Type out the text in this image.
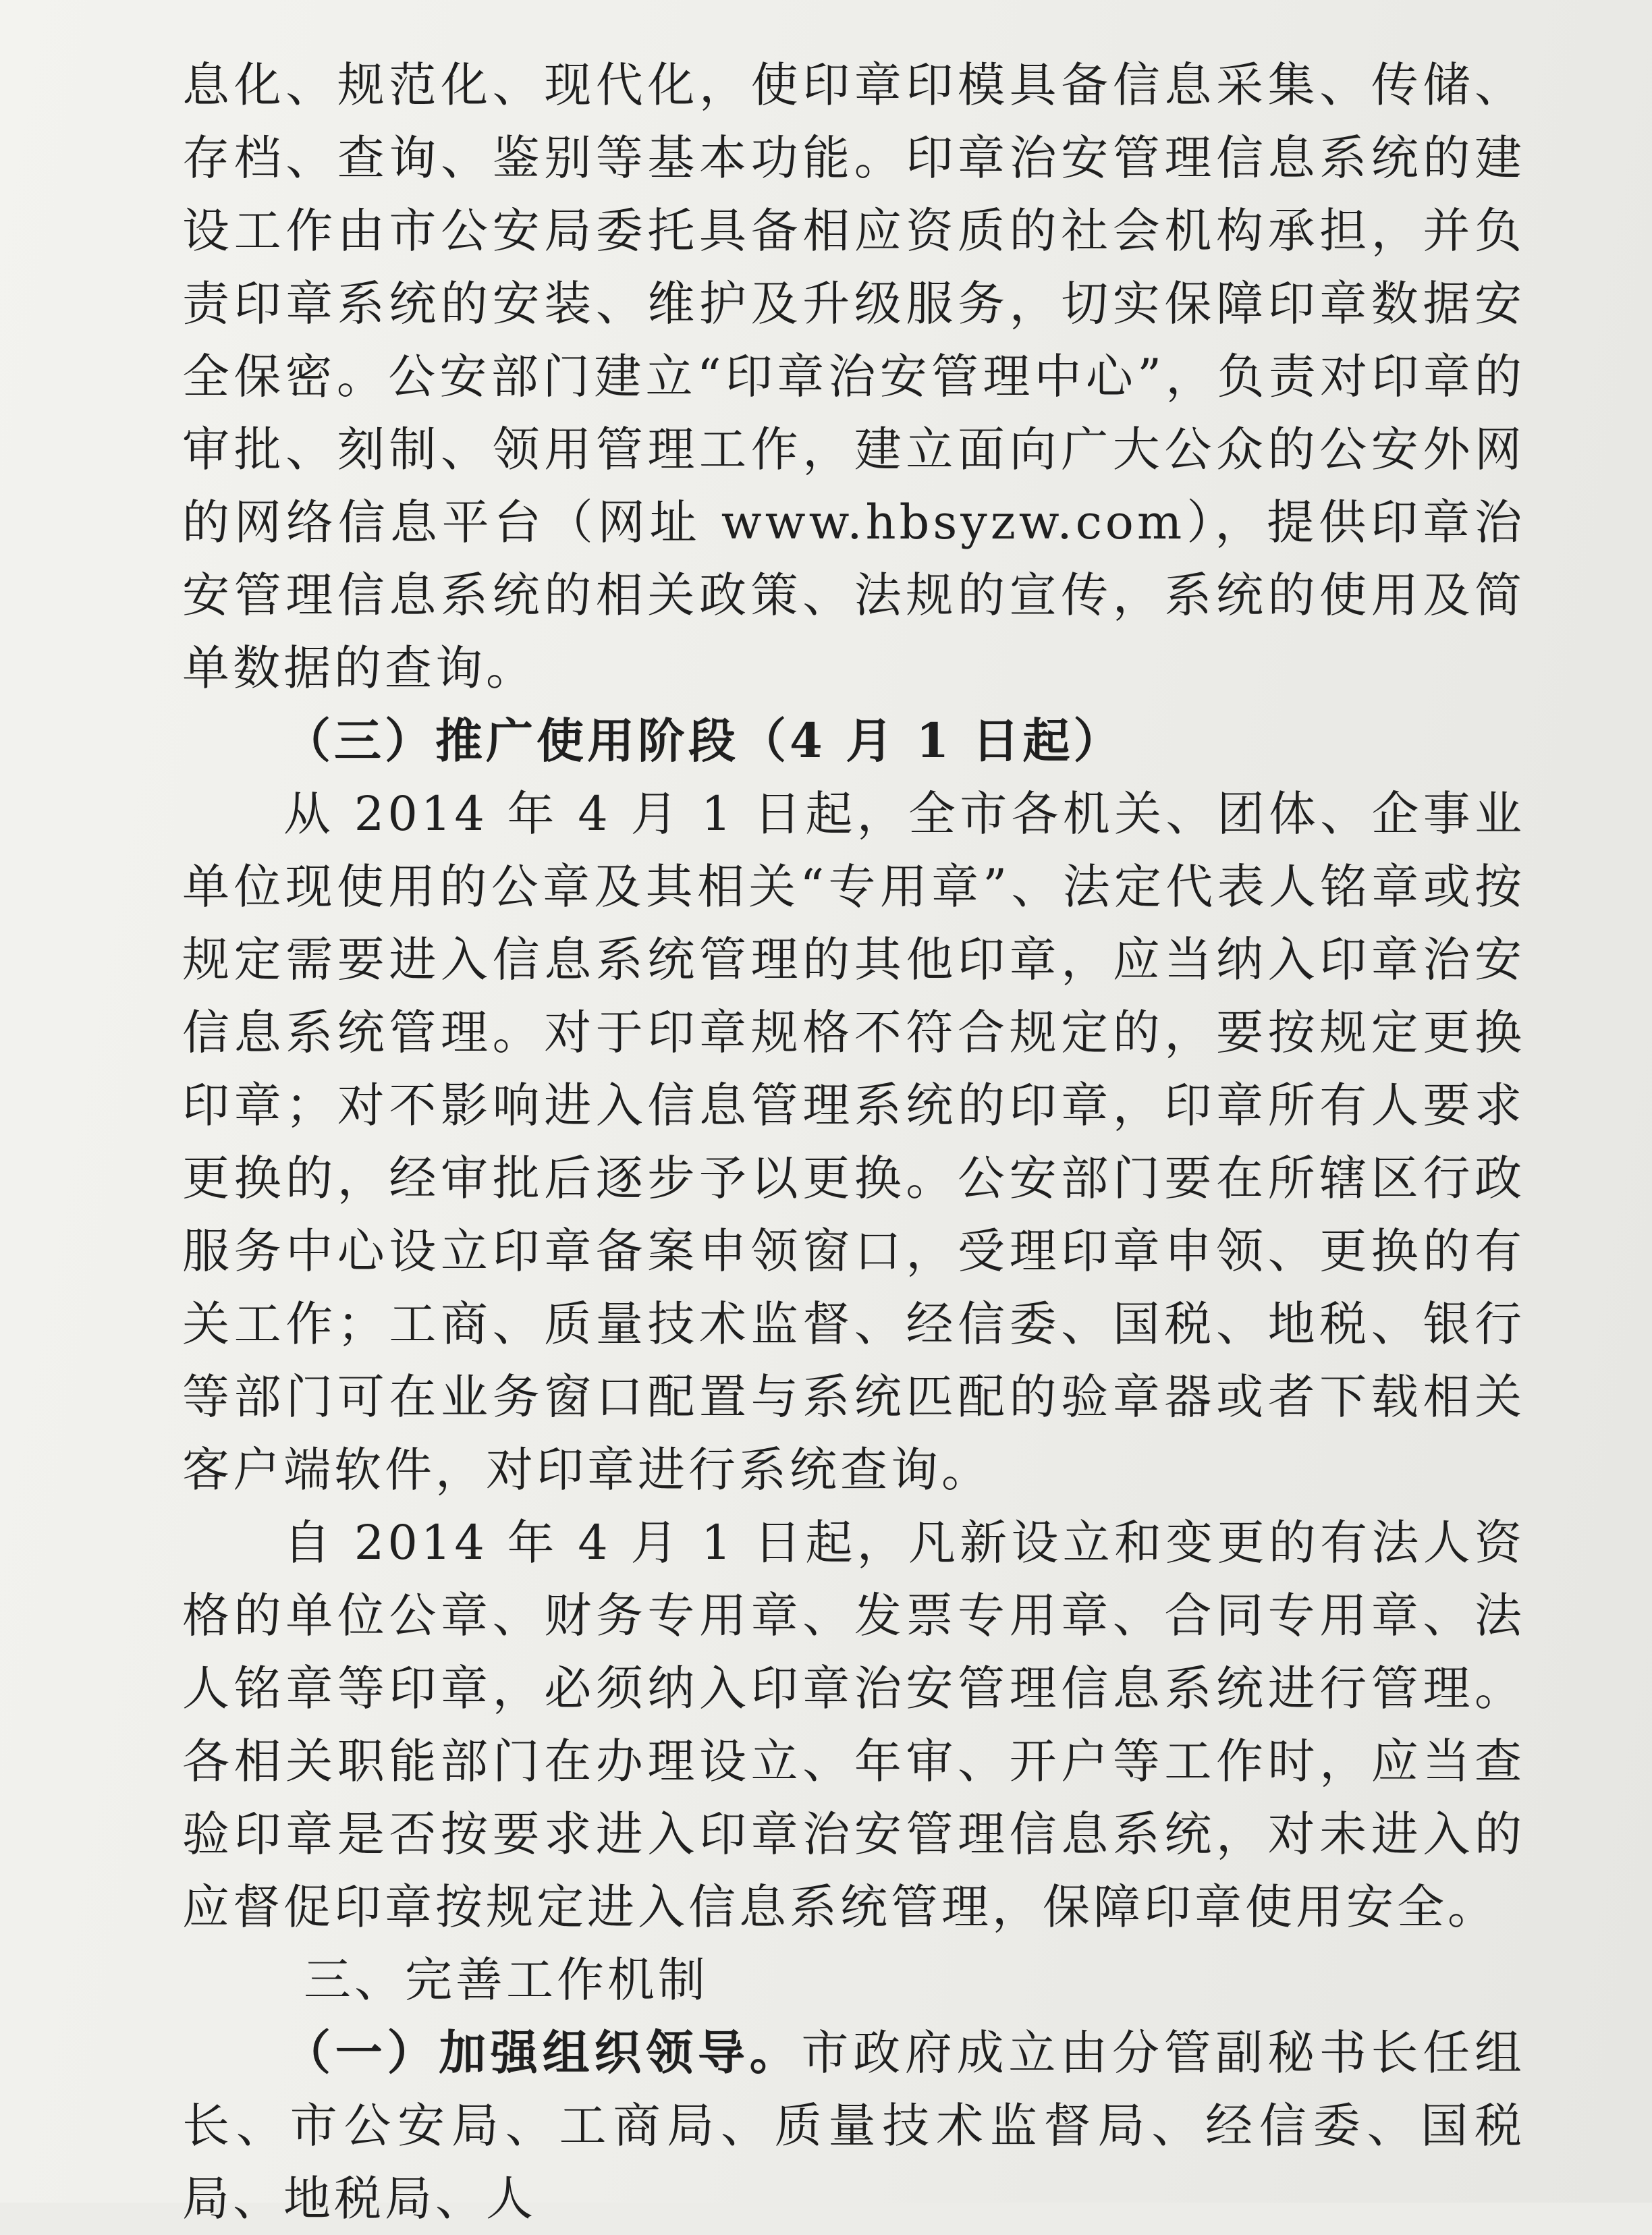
息化、规范化、现代化，使印章印模具备信息采集、传储、存档、查询、鉴别等基本功能。印章治安管理信息系统的建设工作由市公安局委托具备相应资质的社会机构承担，并负责印章系统的安装、维护及升级服务，切实保障印章数据安全保密。公安部门建立“印章治安管理中心”，负责对印章的审批、刻制、领用管理工作，建立面向广大公众的公安外网的网络信息平台（网址 www.hbsyzw.com），提供印章治安管理信息系统的相关政策、法规的宣传，系统的使用及简单数据的查询。

（三）推广使用阶段（4 月 1 日起）

从 2014 年 4 月 1 日起，全市各机关、团体、企事业单位现使用的公章及其相关“专用章”、法定代表人铭章或按规定需要进入信息系统管理的其他印章，应当纳入印章治安信息系统管理。对于印章规格不符合规定的，要按规定更换印章；对不影响进入信息管理系统的印章，印章所有人要求更换的，经审批后逐步予以更换。公安部门要在所辖区行政服务中心设立印章备案申领窗口，受理印章申领、更换的有关工作；工商、质量技术监督、经信委、国税、地税、银行等部门可在业务窗口配置与系统匹配的验章器或者下载相关客户端软件，对印章进行系统查询。

自 2014 年 4 月 1 日起，凡新设立和变更的有法人资格的单位公章、财务专用章、发票专用章、合同专用章、法人铭章等印章，必须纳入印章治安管理信息系统进行管理。各相关职能部门在办理设立、年审、开户等工作时，应当查验印章是否按要求进入印章治安管理信息系统，对未进入的应督促印章按规定进入信息系统管理，保障印章使用安全。

三、完善工作机制

（一）加强组织领导。市政府成立由分管副秘书长任组长、市公安局、工商局、质量技术监督局、经信委、国税局、地税局、人
